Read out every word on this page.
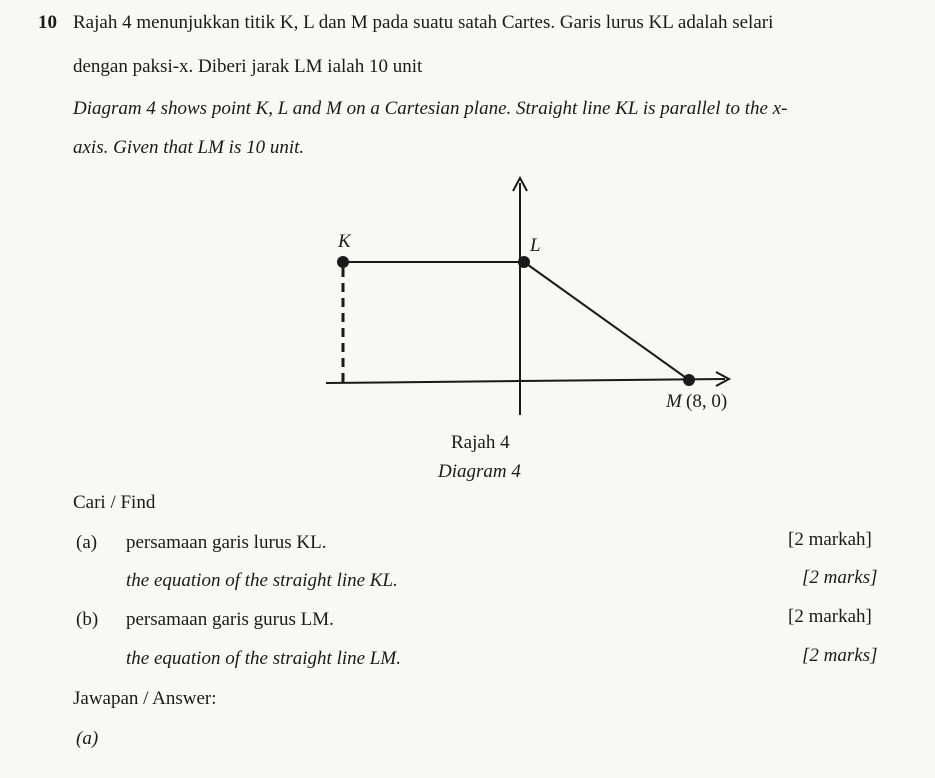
10 Rajah 4 menunjukkan titik K, L dan M pada suatu satah Cartes. Garis lurus KL adalah selari
dengan paksi-x. Diberi jarak LM ialah 10 unit
Diagram 4 shows point K, L and M on a Cartesian plane. Straight line KL is parallel to the x-
axis. Given that LM is 10 unit.
K	L
M (8, 0)
Rajah 4
Diagram 4
Cari / Find
(a) persamaan garis lurus KL.	[2 markah]
the equation of the straight line KL.	[2 marks]
(b) persamaan garis gurus LM.	[2 markah]
the equation of the straight line LM.	[2 marks]
Jawapan / Answer:
(a)
